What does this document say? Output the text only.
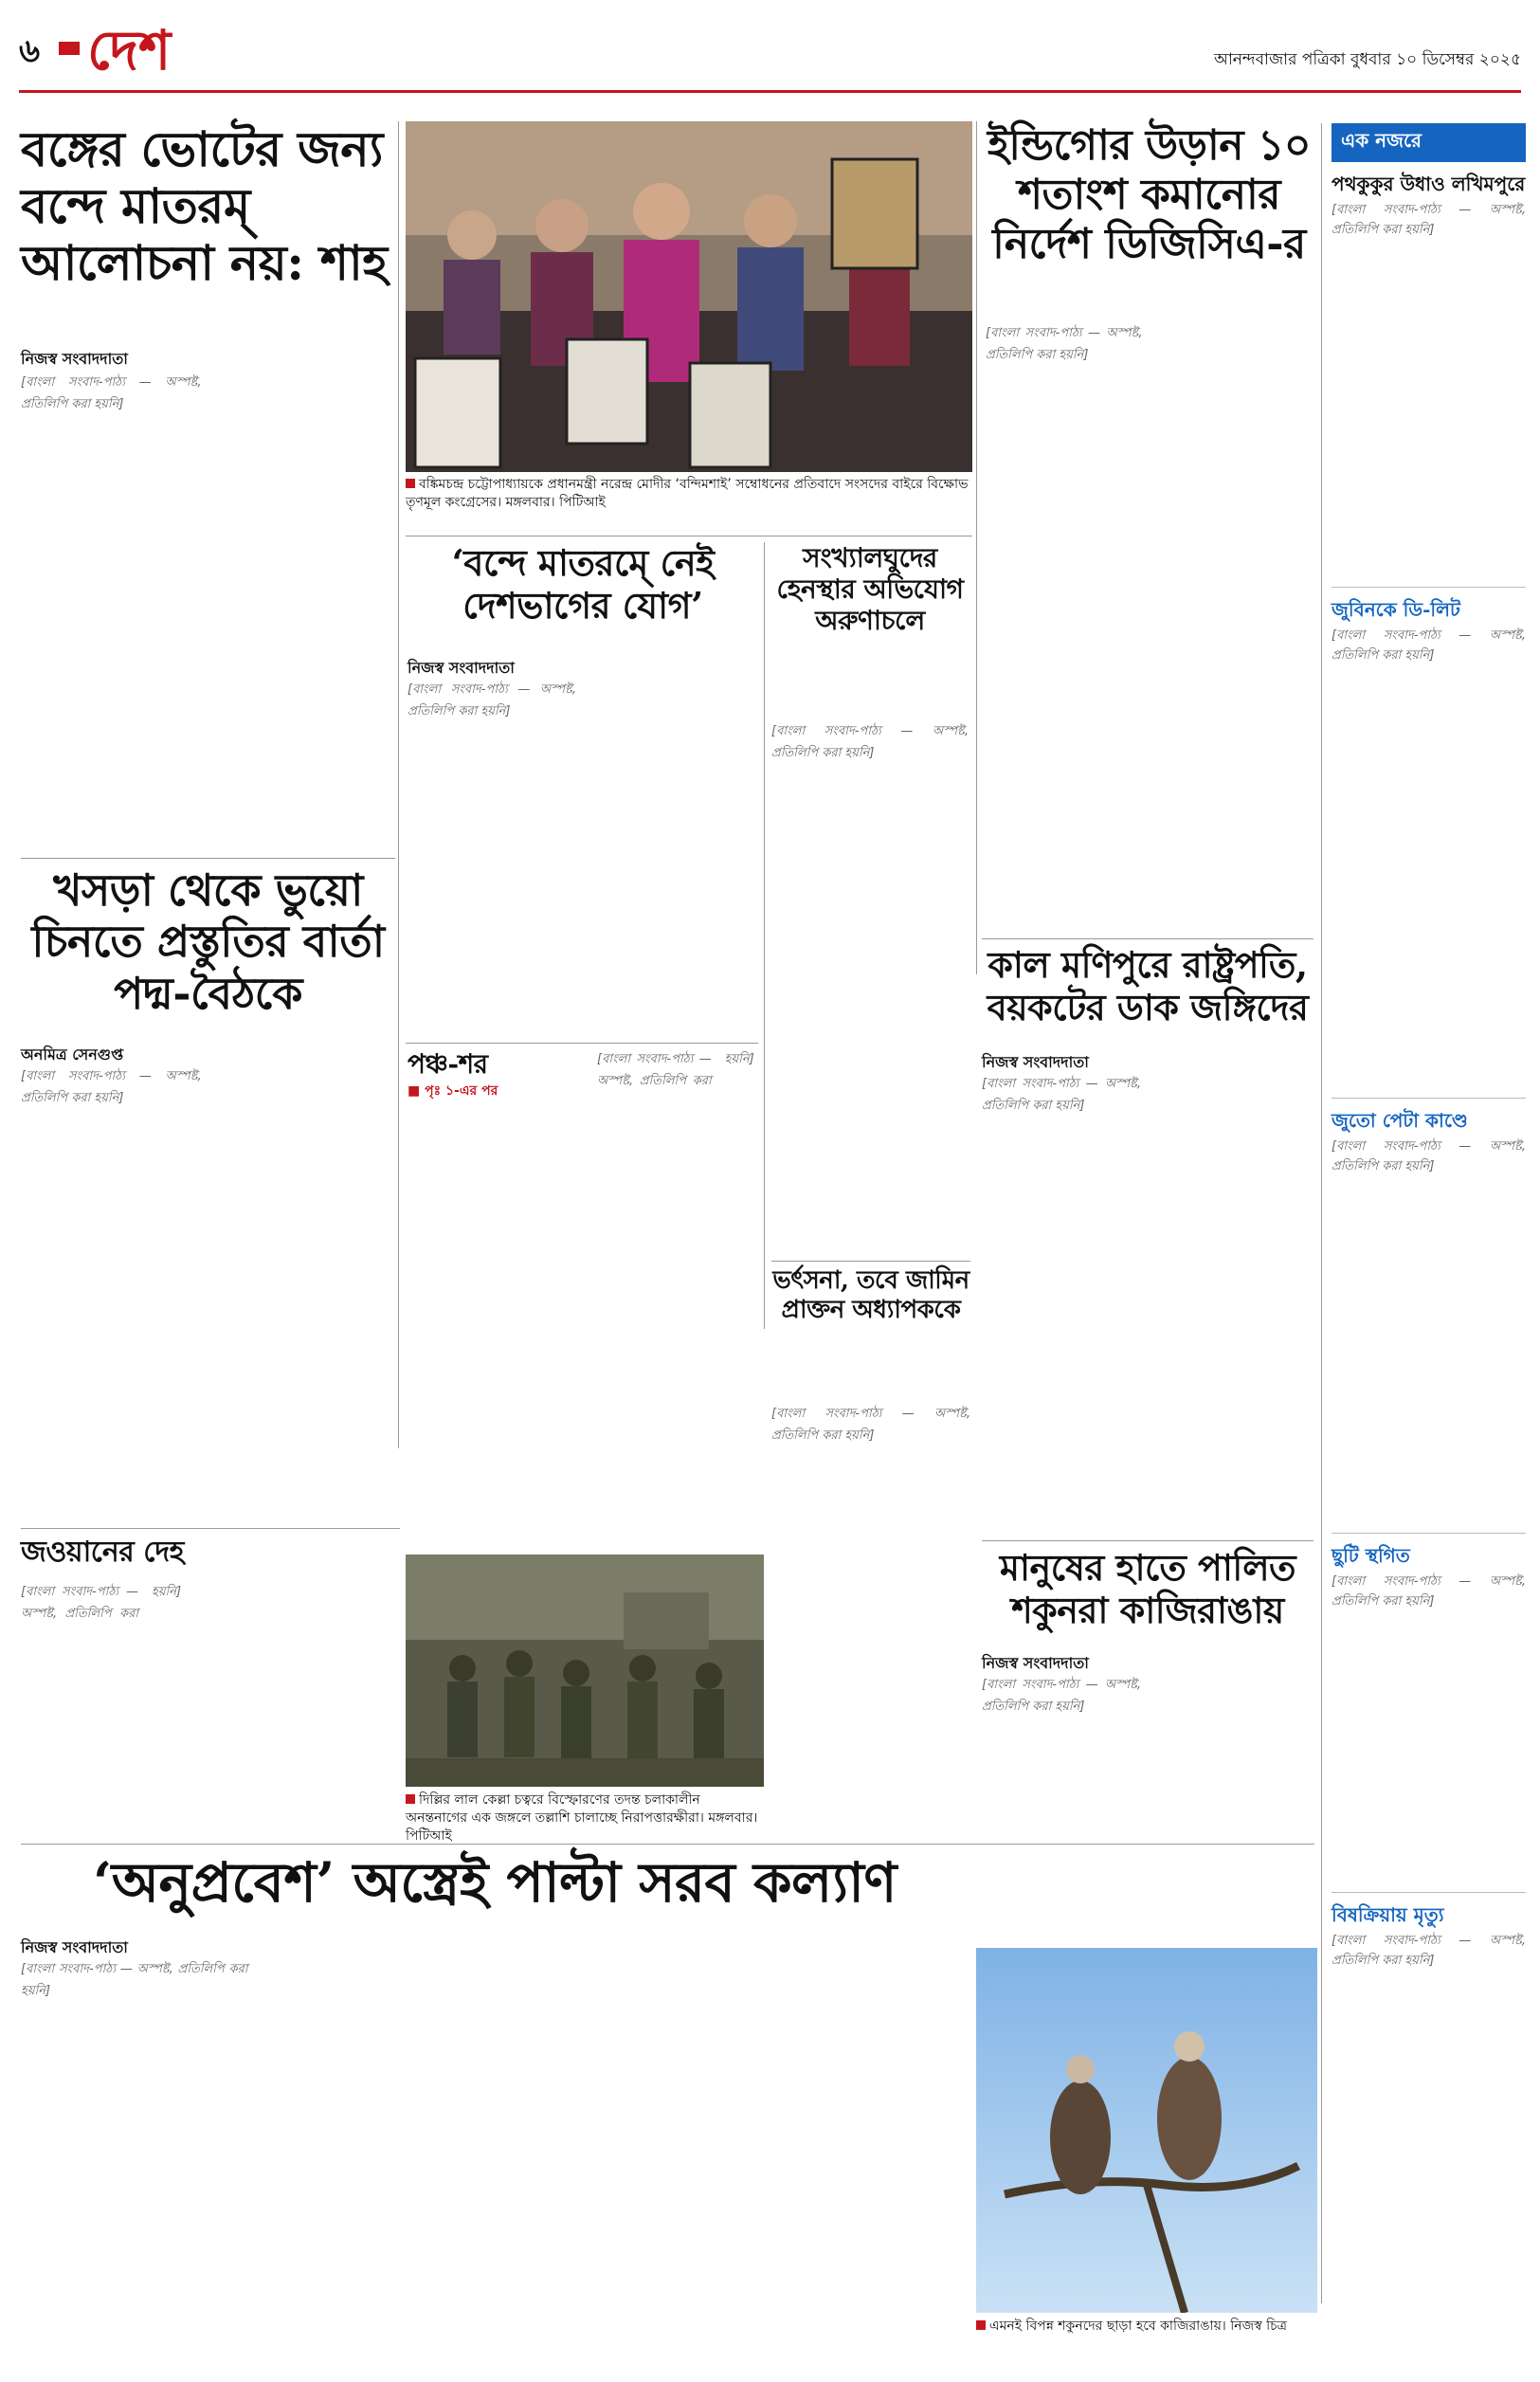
৬ দেশ	আনন্দবাজার পত্রিকা বুধবার ১০ ডিসেম্বর ২০২৫
বঙ্গের ভোটের জন্য বন্দে মাতরম্ আলোচনা নয়: শাহ
নিজস্ব সংবাদদাতা
[বাংলা সংবাদ-পাঠ্য — অস্পষ্ট, প্রতিলিপি করা হয়নি]
বঙ্কিমচন্দ্র চট্টোপাধ্যায়কে প্রধানমন্ত্রী নরেন্দ্র মোদীর ‘বন্দিমশাই’ সম্বোধনের প্রতিবাদে সংসদের বাইরে বিক্ষোভ তৃণমূল কংগ্রেসের। মঙ্গলবার। পিটিআই
ইন্ডিগোর উড়ান ১০ শতাংশ কমানোর নির্দেশ ডিজিসিএ-র
[বাংলা সংবাদ-পাঠ্য — অস্পষ্ট, প্রতিলিপি করা হয়নি]
‘বন্দে মাতরমে্ নেই দেশভাগের যোগ’
নিজস্ব সংবাদদাতা
[বাংলা সংবাদ-পাঠ্য — অস্পষ্ট, প্রতিলিপি করা হয়নি]
সংখ্যালঘুদের হেনস্থার অভিযোগ অরুণাচলে
[বাংলা সংবাদ-পাঠ্য — অস্পষ্ট, প্রতিলিপি করা হয়নি]
কাল মণিপুরে রাষ্ট্রপতি, বয়কটের ডাক জঙ্গিদের
নিজস্ব সংবাদদাতা
[বাংলা সংবাদ-পাঠ্য — অস্পষ্ট, প্রতিলিপি করা হয়নি]
খসড়া থেকে ভুয়ো চিনতে প্রস্তুতির বার্তা পদ্ম-বৈঠকে
অনমিত্র সেনগুপ্ত
[বাংলা সংবাদ-পাঠ্য — অস্পষ্ট, প্রতিলিপি করা হয়নি]
পঞ্চ-শর
■ পৃঃ ১-এর পর
[বাংলা সংবাদ-পাঠ্য — অস্পষ্ট, প্রতিলিপি করা হয়নি]
ভর্ৎসনা, তবে জামিন প্রাক্তন অধ্যাপককে
[বাংলা সংবাদ-পাঠ্য — অস্পষ্ট, প্রতিলিপি করা হয়নি]
মানুষের হাতে পালিত শকুনরা কাজিরাঙায়
নিজস্ব সংবাদদাতা
[বাংলা সংবাদ-পাঠ্য — অস্পষ্ট, প্রতিলিপি করা হয়নি]
দিল্লির লাল কেল্লা চত্বরে বিস্ফোরণের তদন্ত চলাকালীন অনন্তনাগের এক জঙ্গলে তল্লাশি চালাচ্ছে নিরাপত্তারক্ষীরা। মঙ্গলবার। পিটিআই
জওয়ানের দেহ
[বাংলা সংবাদ-পাঠ্য — অস্পষ্ট, প্রতিলিপি করা হয়নি]
‘অনুপ্রবেশ’ অস্ত্রেই পাল্টা সরব কল্যাণ
নিজস্ব সংবাদদাতা
[বাংলা সংবাদ-পাঠ্য — অস্পষ্ট, প্রতিলিপি করা হয়নি]
এমনই বিপন্ন শকুনদের ছাড়া হবে কাজিরাঙায়। নিজস্ব চিত্র
এক নজরে
পথকুকুর উধাও লখিমপুরে
[বাংলা সংবাদ-পাঠ্য — অস্পষ্ট, প্রতিলিপি করা হয়নি]
জুবিনকে ডি-লিট
[বাংলা সংবাদ-পাঠ্য — অস্পষ্ট, প্রতিলিপি করা হয়নি]
জুতো পেটা কাণ্ডে
[বাংলা সংবাদ-পাঠ্য — অস্পষ্ট, প্রতিলিপি করা হয়নি]
ছুটি স্থগিত
[বাংলা সংবাদ-পাঠ্য — অস্পষ্ট, প্রতিলিপি করা হয়নি]
বিষক্রিয়ায় মৃত্যু
[বাংলা সংবাদ-পাঠ্য — অস্পষ্ট, প্রতিলিপি করা হয়নি]
